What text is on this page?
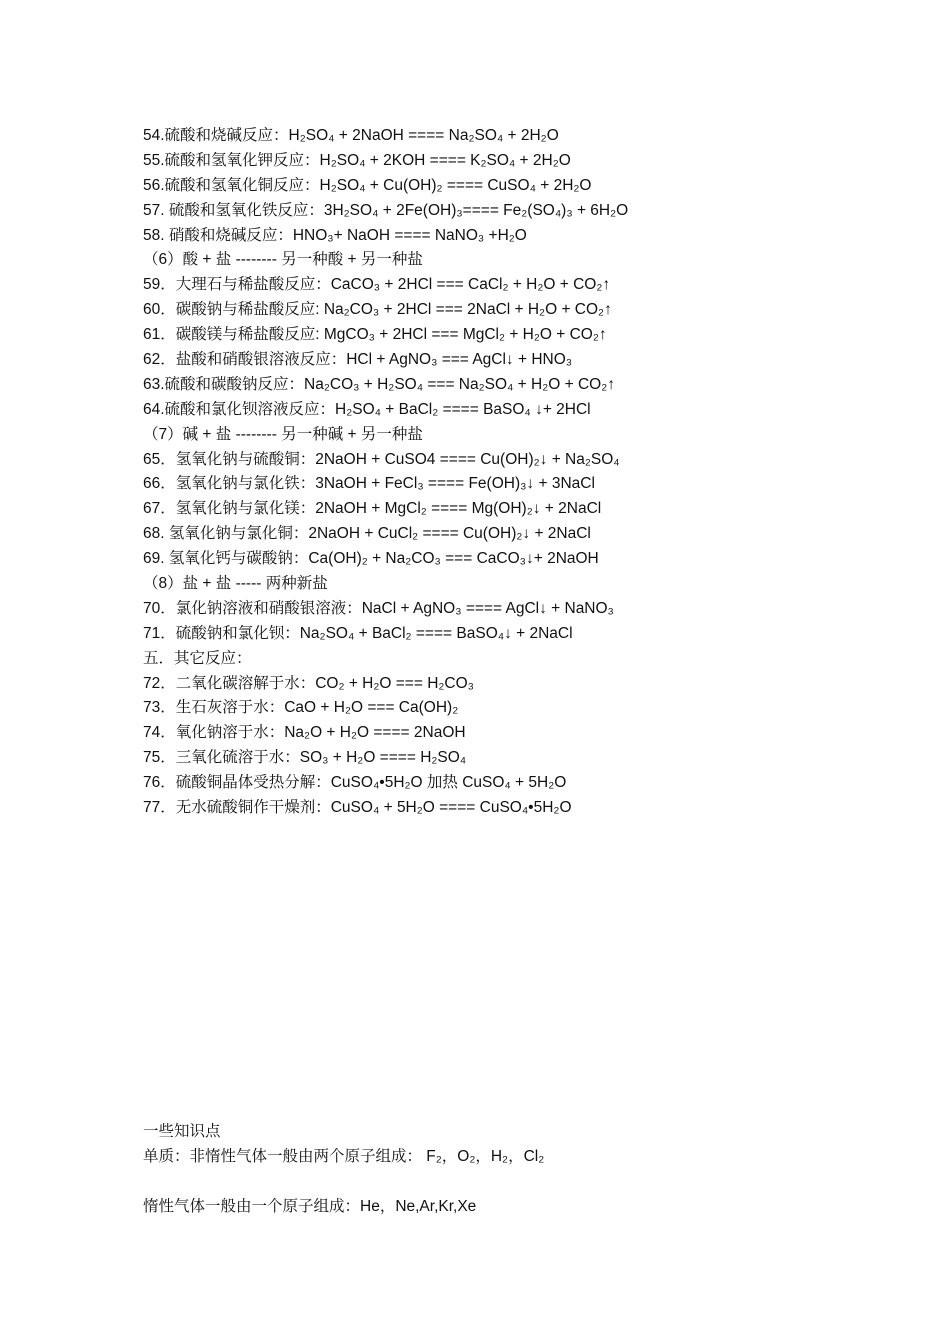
54.硫酸和烧碱反应：H₂SO₄ + 2NaOH ==== Na₂SO₄ + 2H₂O
55.硫酸和氢氧化钾反应：H₂SO₄ + 2KOH ==== K₂SO₄ + 2H₂O
56.硫酸和氢氧化铜反应：H₂SO₄ + Cu(OH)₂ ==== CuSO₄ + 2H₂O
57. 硫酸和氢氧化铁反应：3H₂SO₄ + 2Fe(OH)₃==== Fe₂(SO₄)₃ + 6H₂O
58. 硝酸和烧碱反应：HNO₃+ NaOH ==== NaNO₃ +H₂O
（6）酸 + 盐 -------- 另一种酸 + 另一种盐
59．大理石与稀盐酸反应：CaCO₃ + 2HCl === CaCl₂ + H₂O + CO₂↑
60．碳酸钠与稀盐酸反应: Na₂CO₃ + 2HCl === 2NaCl + H₂O + CO₂↑
61．碳酸镁与稀盐酸反应: MgCO₃ + 2HCl === MgCl₂ + H₂O + CO₂↑
62．盐酸和硝酸银溶液反应：HCl + AgNO₃ === AgCl↓ + HNO₃
63.硫酸和碳酸钠反应：Na₂CO₃ + H₂SO₄ === Na₂SO₄ + H₂O + CO₂↑
64.硫酸和氯化钡溶液反应：H₂SO₄ + BaCl₂ ==== BaSO₄ ↓+ 2HCl
（7）碱 + 盐 -------- 另一种碱 + 另一种盐
65．氢氧化钠与硫酸铜：2NaOH + CuSO4 ==== Cu(OH)₂↓ + Na₂SO₄
66．氢氧化钠与氯化铁：3NaOH + FeCl₃ ==== Fe(OH)₃↓ + 3NaCl
67．氢氧化钠与氯化镁：2NaOH + MgCl₂ ==== Mg(OH)₂↓ + 2NaCl
68. 氢氧化钠与氯化铜：2NaOH + CuCl₂ ==== Cu(OH)₂↓ + 2NaCl
69. 氢氧化钙与碳酸钠：Ca(OH)₂ + Na₂CO₃ === CaCO₃↓+ 2NaOH
（8）盐 + 盐 ----- 两种新盐
70．氯化钠溶液和硝酸银溶液：NaCl + AgNO₃ ==== AgCl↓ + NaNO₃
71．硫酸钠和氯化钡：Na₂SO₄ + BaCl₂ ==== BaSO₄↓ + 2NaCl
五．其它反应：
72．二氧化碳溶解于水：CO₂ + H₂O === H₂CO₃
73．生石灰溶于水：CaO + H₂O === Ca(OH)₂
74．氧化钠溶于水：Na₂O + H₂O ==== 2NaOH
75．三氧化硫溶于水：SO₃ + H₂O ==== H₂SO₄
76．硫酸铜晶体受热分解：CuSO₄•5H₂O 加热 CuSO₄ + 5H₂O
77．无水硫酸铜作干燥剂：CuSO₄ + 5H₂O ==== CuSO₄•5H₂O
一些知识点
单质：非惰性气体一般由两个原子组成： F₂，O₂，H₂，Cl₂
惰性气体一般由一个原子组成：He，Ne,Ar,Kr,Xe
